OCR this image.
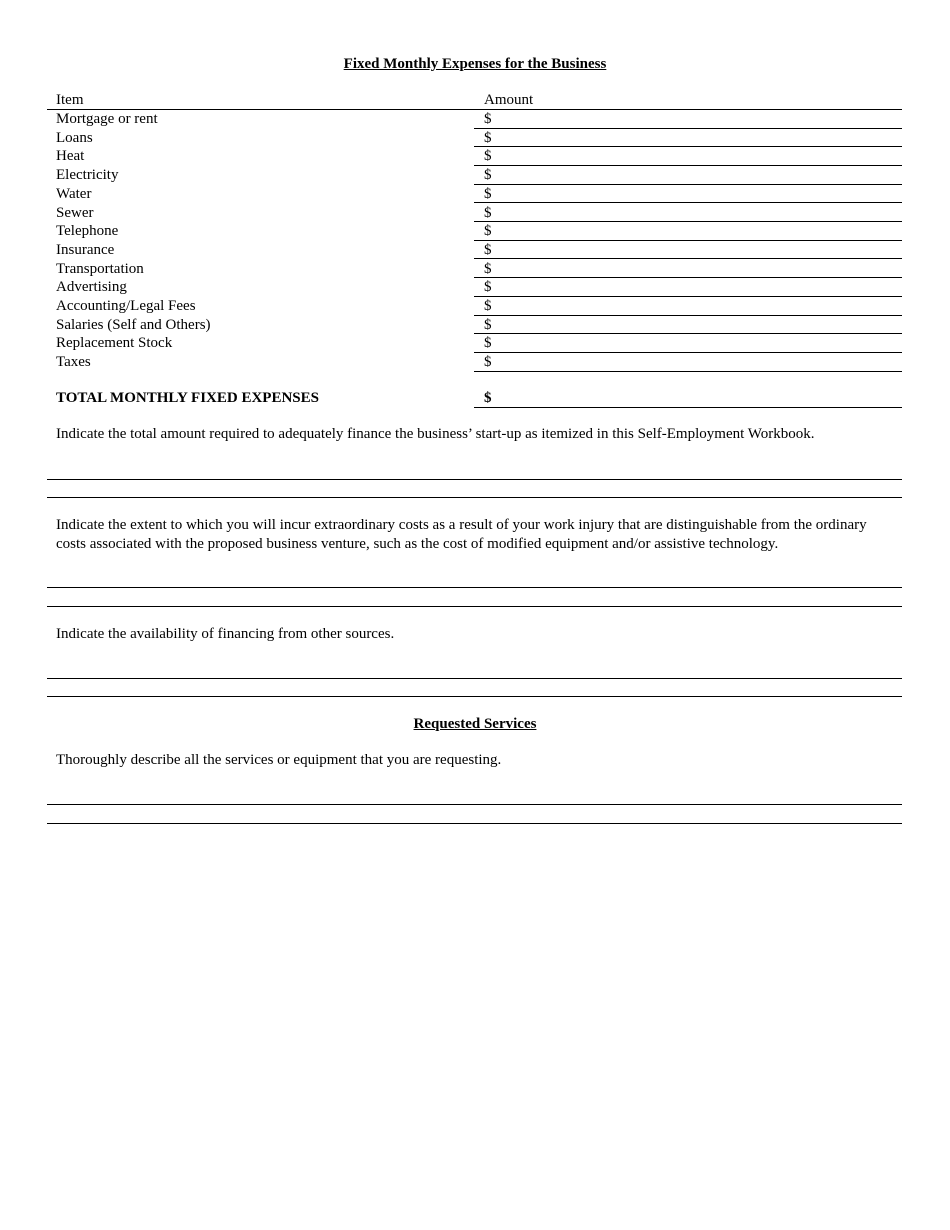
Fixed Monthly Expenses for the Business
Item	Amount
Mortgage or rent	$
Loans	$
Heat	$
Electricity	$
Water	$
Sewer	$
Telephone	$
Insurance	$
Transportation	$
Advertising	$
Accounting/Legal Fees	$
Salaries (Self and Others)	$
Replacement Stock	$
Taxes	$
TOTAL MONTHLY FIXED EXPENSES	$
Indicate the total amount required to adequately finance the business’ start-up as itemized in this Self-Employment Workbook.
Indicate the extent to which you will incur extraordinary costs as a result of your work injury that are distinguishable from the ordinary costs associated with the proposed business venture, such as the cost of modified equipment and/or assistive technology.
Indicate the availability of financing from other sources.
Requested Services
Thoroughly describe all the services or equipment that you are requesting.
